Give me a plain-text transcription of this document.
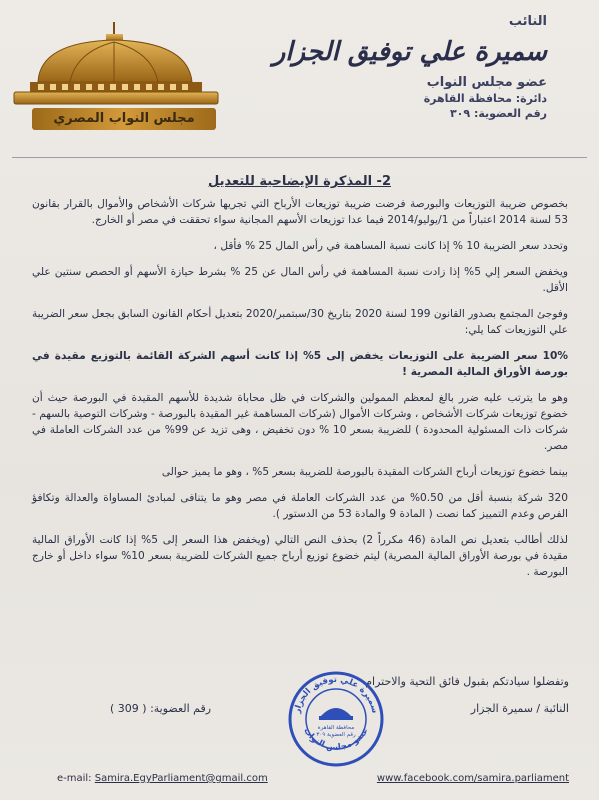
مجلس النواب المصري
النائب
سميرة علي توفيق الجزار
عضو مجلس النواب
دائرة: محافظة القاهرة
رقم العضوية: ٣٠٩
2- المذكرة الإيضاحية للتعديل

بخصوص ضريبة التوزيعات والبورصة فرضت ضريبة توزيعات الأرباح التي تجريها شركات الأشخاص والأموال بالقرار بقانون 53 لسنة 2014 اعتباراً من 1/يوليو/2014 فيما عدا توزيعات الأسهم المجانية سواء تحققت في مصر أو الخارج.

وتحدد سعر الضريبة 10 % إذا كانت نسبة المساهمة في رأس المال 25 % فأقل ،

ويخفض السعر إلي 5% إذا زادت نسبة المساهمة في رأس المال عن 25 % بشرط حيازة الأسهم أو الحصص سنتين علي الأقل.

وفوجئ المجتمع بصدور القانون 199 لسنة 2020 بتاريخ 30/سبتمبر/2020 بتعديل أحكام القانون السابق بجعل سعر الضريبة علي التوزيعات كما يلي:

10% سعر الضريبة على التوزيعات يخفض إلى 5% إذا كانت أسهم الشركة القائمة بالتوزيع مقيدة في بورصة الأوراق المالية المصرية !

وهو ما يترتب عليه ضرر بالغ لمعظم الممولين والشركات في ظل محاباة شديدة للأسهم المقيدة في البورصة حيث أن خضوع توزيعات شركات الأشخاص ، وشركات الأموال (شركات المساهمة غير المقيدة بالبورصة - وشركات التوصية بالسهم - شركات ذات المسئولية المحدودة ) للضريبة بسعر 10 % دون تخفيض ، وهى تزيد عن 99% من عدد الشركات العاملة في مصر.

بينما خضوع توزيعات أرباح الشركات المقيدة بالبورصة للضريبة بسعر 5% ، وهو ما يميز حوالى

320 شركة بنسبة أقل من 0.50% من عدد الشركات العاملة في مصر وهو ما يتنافى لمبادئ المساواة والعدالة وتكافؤ الفرص وعدم التمييز كما نصت ( المادة 9 والمادة 53 من الدستور ).

لذلك أطالب بتعديل نص المادة (46 مكرراً 2) بحذف النص التالي (ويخفض هذا السعر إلى 5% إذا كانت الأوراق المالية مقيدة في بورصة الأوراق المالية المصرية) ليتم خضوع توزيع أرباح جميع الشركات للضريبة بسعر 10% سواء داخل أو خارج البورصة .

وتفضلوا سيادتكم بقبول فائق التحية والاحترام
النائبة / سميرة الجزار
رقم العضوية: ( 309 )	سميرة علي توفيق الجزار
عضو مجلس النواب
محافظة القاهرة
رقم العضوية ٣٠٩
e-mail: Samira.EgyParliament@gmail.com	www.facebook.com/samira.parliament
